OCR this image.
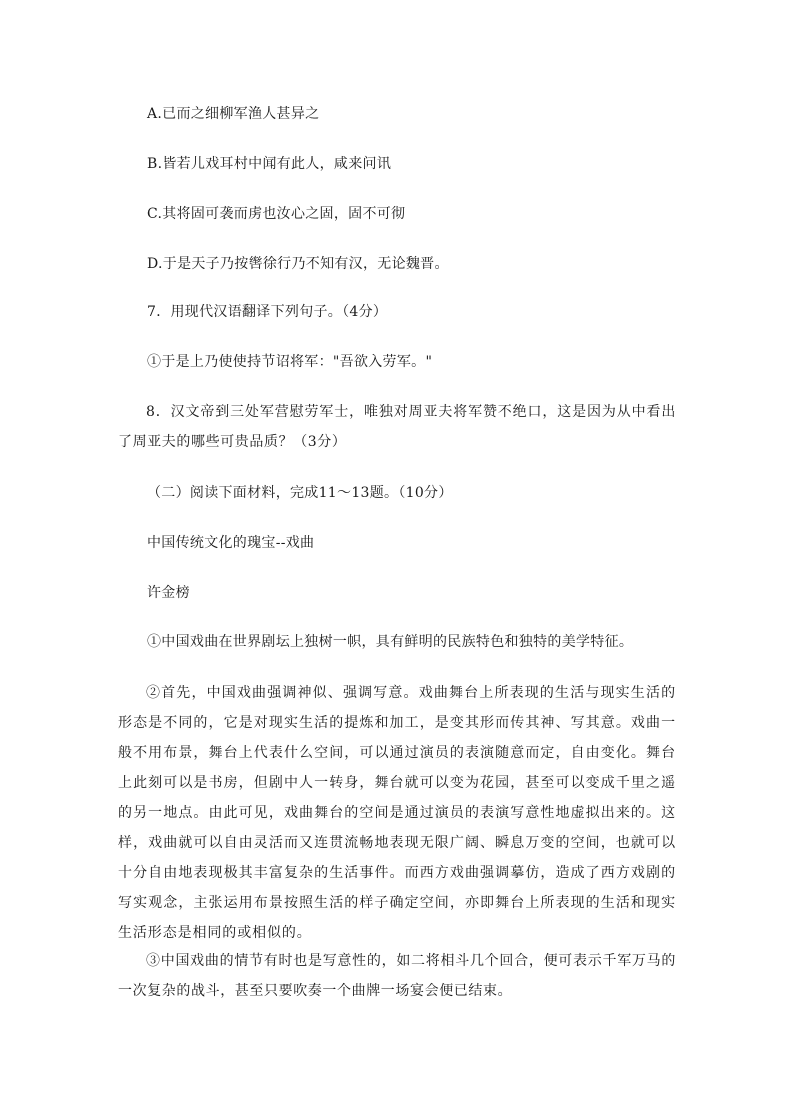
A.已而之细柳军渔人甚异之
B.皆若儿戏耳村中闻有此人，咸来问讯
C.其将固可袭而虏也汝心之固，固不可彻
D.于是天子乃按辔徐行乃不知有汉，无论魏晋。
7．用现代汉语翻译下列句子。（4分）
①于是上乃使使持节诏将军："吾欲入劳军。"

8．汉文帝到三处军营慰劳军士，唯独对周亚夫将军赞不绝口，这是因为从中看出了周亚夫的哪些可贵品质？（3分）

（二）阅读下面材料，完成11～13题。（10分）
中国传统文化的瑰宝--戏曲
许金榜
①中国戏曲在世界剧坛上独树一帜，具有鲜明的民族特色和独特的美学特征。

②首先，中国戏曲强调神似、强调写意。戏曲舞台上所表现的生活与现实生活的形态是不同的，它是对现实生活的提炼和加工，是变其形而传其神、写其意。戏曲一般不用布景，舞台上代表什么空间，可以通过演员的表演随意而定，自由变化。舞台上此刻可以是书房，但剧中人一转身，舞台就可以变为花园，甚至可以变成千里之遥的另一地点。由此可见，戏曲舞台的空间是通过演员的表演写意性地虚拟出来的。这样，戏曲就可以自由灵活而又连贯流畅地表现无限广阔、瞬息万变的空间，也就可以十分自由地表现极其丰富复杂的生活事件。而西方戏曲强调摹仿，造成了西方戏剧的写实观念，主张运用布景按照生活的样子确定空间，亦即舞台上所表现的生活和现实生活形态是相同的或相似的。

③中国戏曲的情节有时也是写意性的，如二将相斗几个回合，便可表示千军万马的一次复杂的战斗，甚至只要吹奏一个曲牌一场宴会便已结束。
